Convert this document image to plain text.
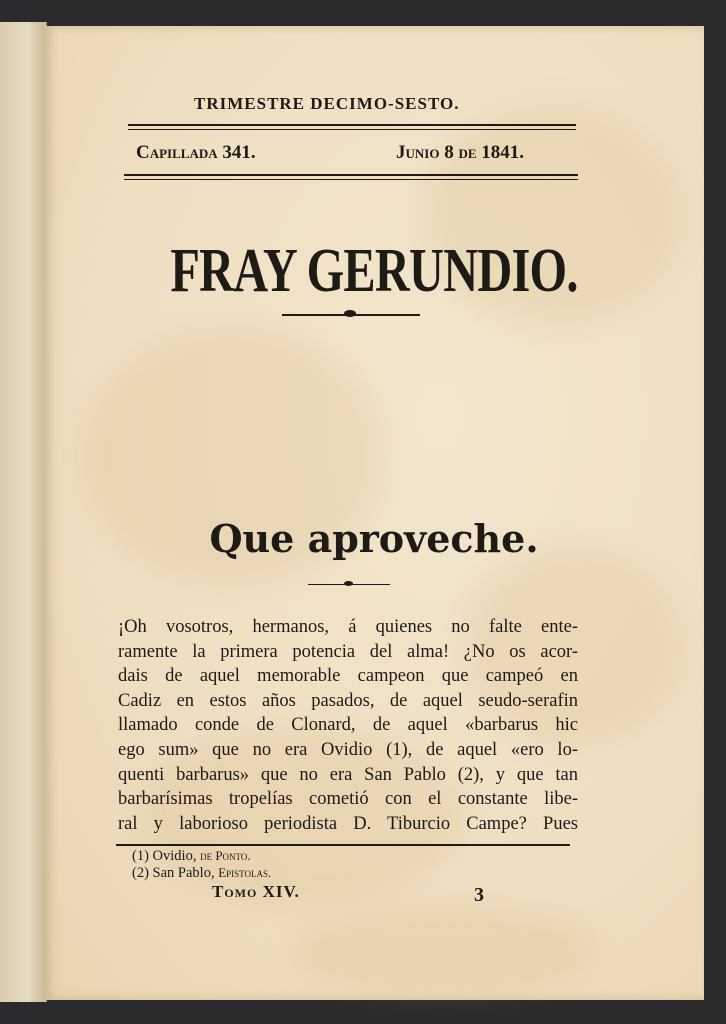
TRIMESTRE DECIMO-SESTO.
Capillada 341.	Junio 8 de 1841.
FRAY GERUNDIO.
Que aproveche.
¡Oh vosotros, hermanos, á quienes no falte ente-
ramente la primera potencia del alma! ¿No os acor-
dais de aquel memorable campeon que campeó en
Cadiz en estos años pasados, de aquel seudo-serafin
llamado conde de Clonard, de aquel «barbarus hic
ego sum» que no era Ovidio (1), de aquel «ero lo-
quenti barbarus» que no era San Pablo (2), y que tan
barbarísimas tropelías cometió con el constante libe-
ral y laborioso periodista D. Tiburcio Campe? Pues
(1) Ovidio, de Ponto.
(2) San Pablo, Epistolas.
Tomo XIV.	3
